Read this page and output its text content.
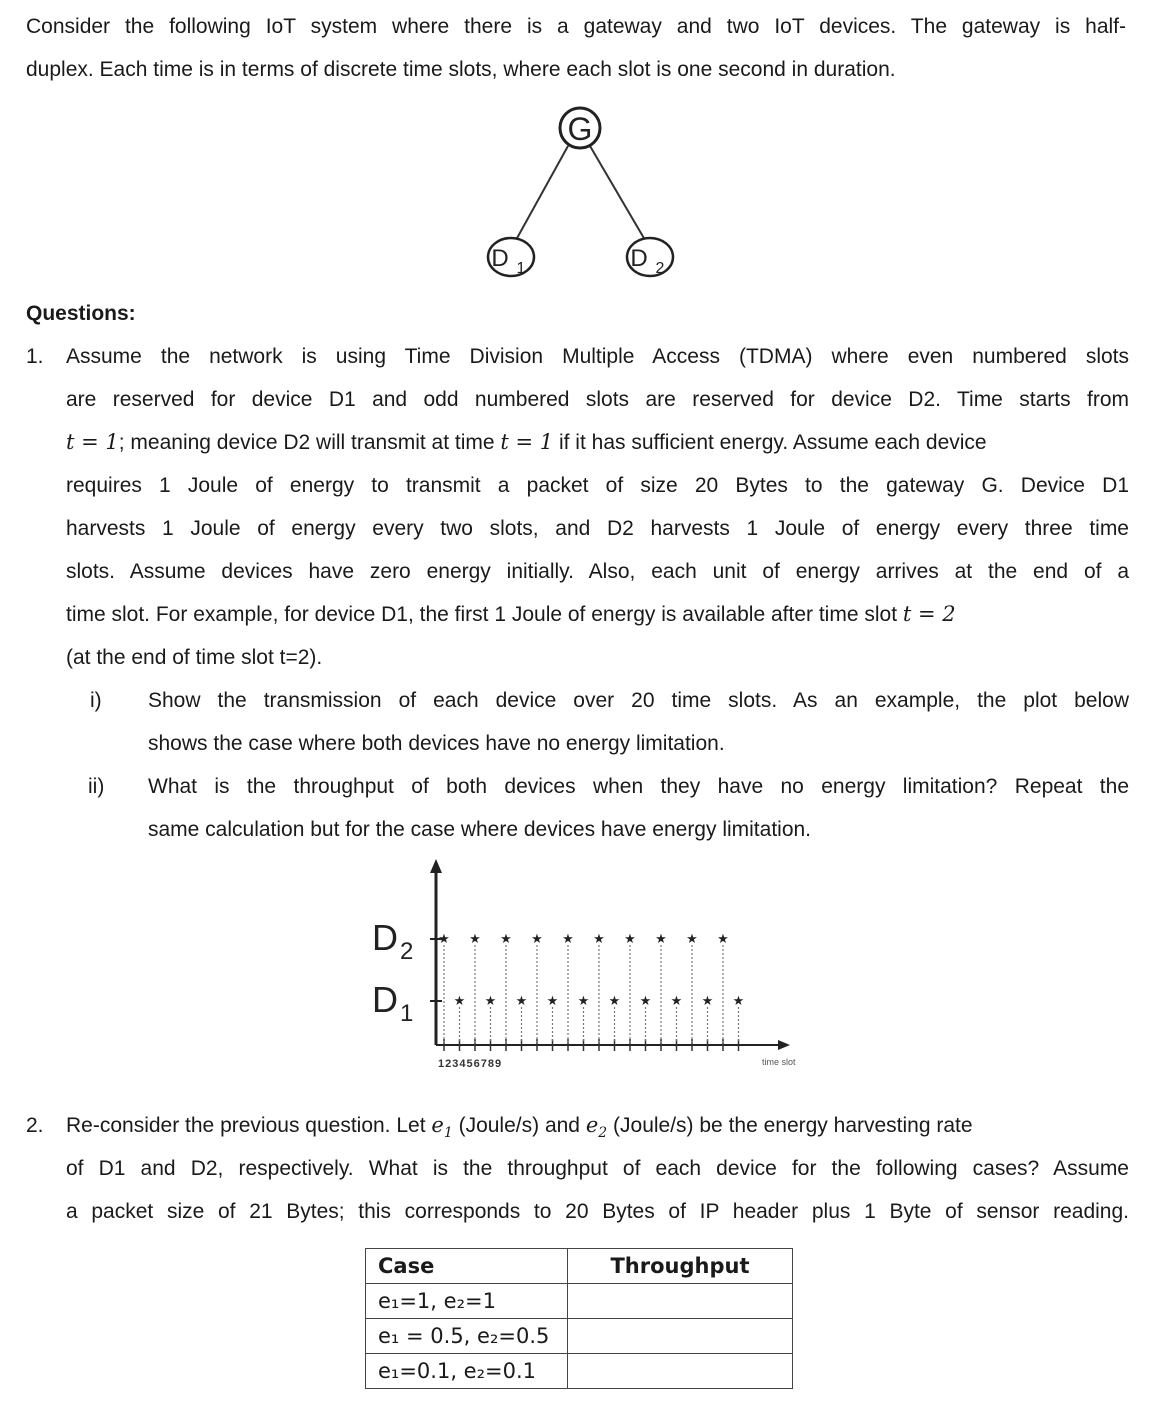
Consider the following IoT system where there is a gateway and two IoT devices. The gateway is half-

duplex. Each time is in terms of discrete time slots, where each slot is one second in duration.

G
D 1	D 2

Questions:

1. Assume the network is using Time Division Multiple Access (TDMA) where even numbered slots

are reserved for device D1 and odd numbered slots are reserved for device D2. Time starts from

t = 1; meaning device D2 will transmit at time t = 1 if it has sufficient energy. Assume each device

requires 1 Joule of energy to transmit a packet of size 20 Bytes to the gateway G. Device D1

harvests 1 Joule of energy every two slots, and D2 harvests 1 Joule of energy every three time

slots. Assume devices have zero energy initially. Also, each unit of energy arrives at the end of a

time slot. For example, for device D1, the first 1 Joule of energy is available after time slot t = 2

(at the end of time slot t=2).

i) Show the transmission of each device over 20 time slots. As an example, the plot below

shows the case where both devices have no energy limitation.

ii) What is the throughput of both devices when they have no energy limitation? Repeat the

same calculation but for the case where devices have energy limitation.

D 2
D 1
★ ★ ★ ★ ★ ★ ★ ★ ★ ★
★ ★ ★ ★ ★ ★ ★ ★ ★ ★
123456789	time slot
2. Re-consider the previous question. Let $e_1$ (Joule/s) and $e_2$ (Joule/s) be the energy harvesting rate

of D1 and D2, respectively. What is the throughput of each device for the following cases? Assume

a packet size of 21 Bytes; this corresponds to 20 Bytes of IP header plus 1 Byte of sensor reading.

Case	Throughput
e₁=1, e₂=1	
e₁ = 0.5, e₂=0.5	
e₁=0.1, e₂=0.1	
